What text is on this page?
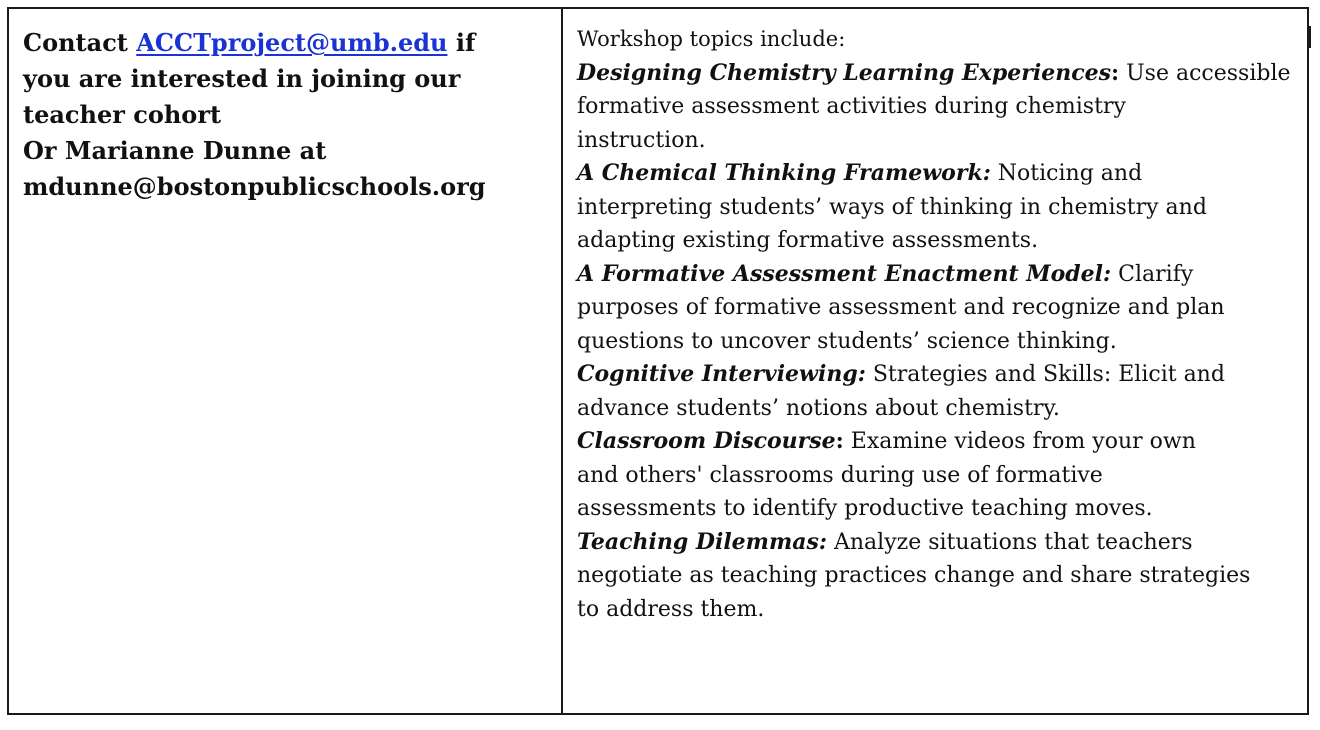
Contact ACCTproject@umb.edu if
you are interested in joining our
teacher cohort
Or Marianne Dunne at
mdunne@bostonpublicschools.org

Workshop topics include:
Designing Chemistry Learning Experiences: Use accessible
formative assessment activities during chemistry
instruction.
A Chemical Thinking Framework: Noticing and
interpreting students’ ways of thinking in chemistry and
adapting existing formative assessments.
A Formative Assessment Enactment Model: Clarify
purposes of formative assessment and recognize and plan
questions to uncover students’ science thinking.
Cognitive Interviewing: Strategies and Skills: Elicit and
advance students’ notions about chemistry.
Classroom Discourse: Examine videos from your own
and others' classrooms during use of formative
assessments to identify productive teaching moves.
Teaching Dilemmas: Analyze situations that teachers
negotiate as teaching practices change and share strategies
to address them.
